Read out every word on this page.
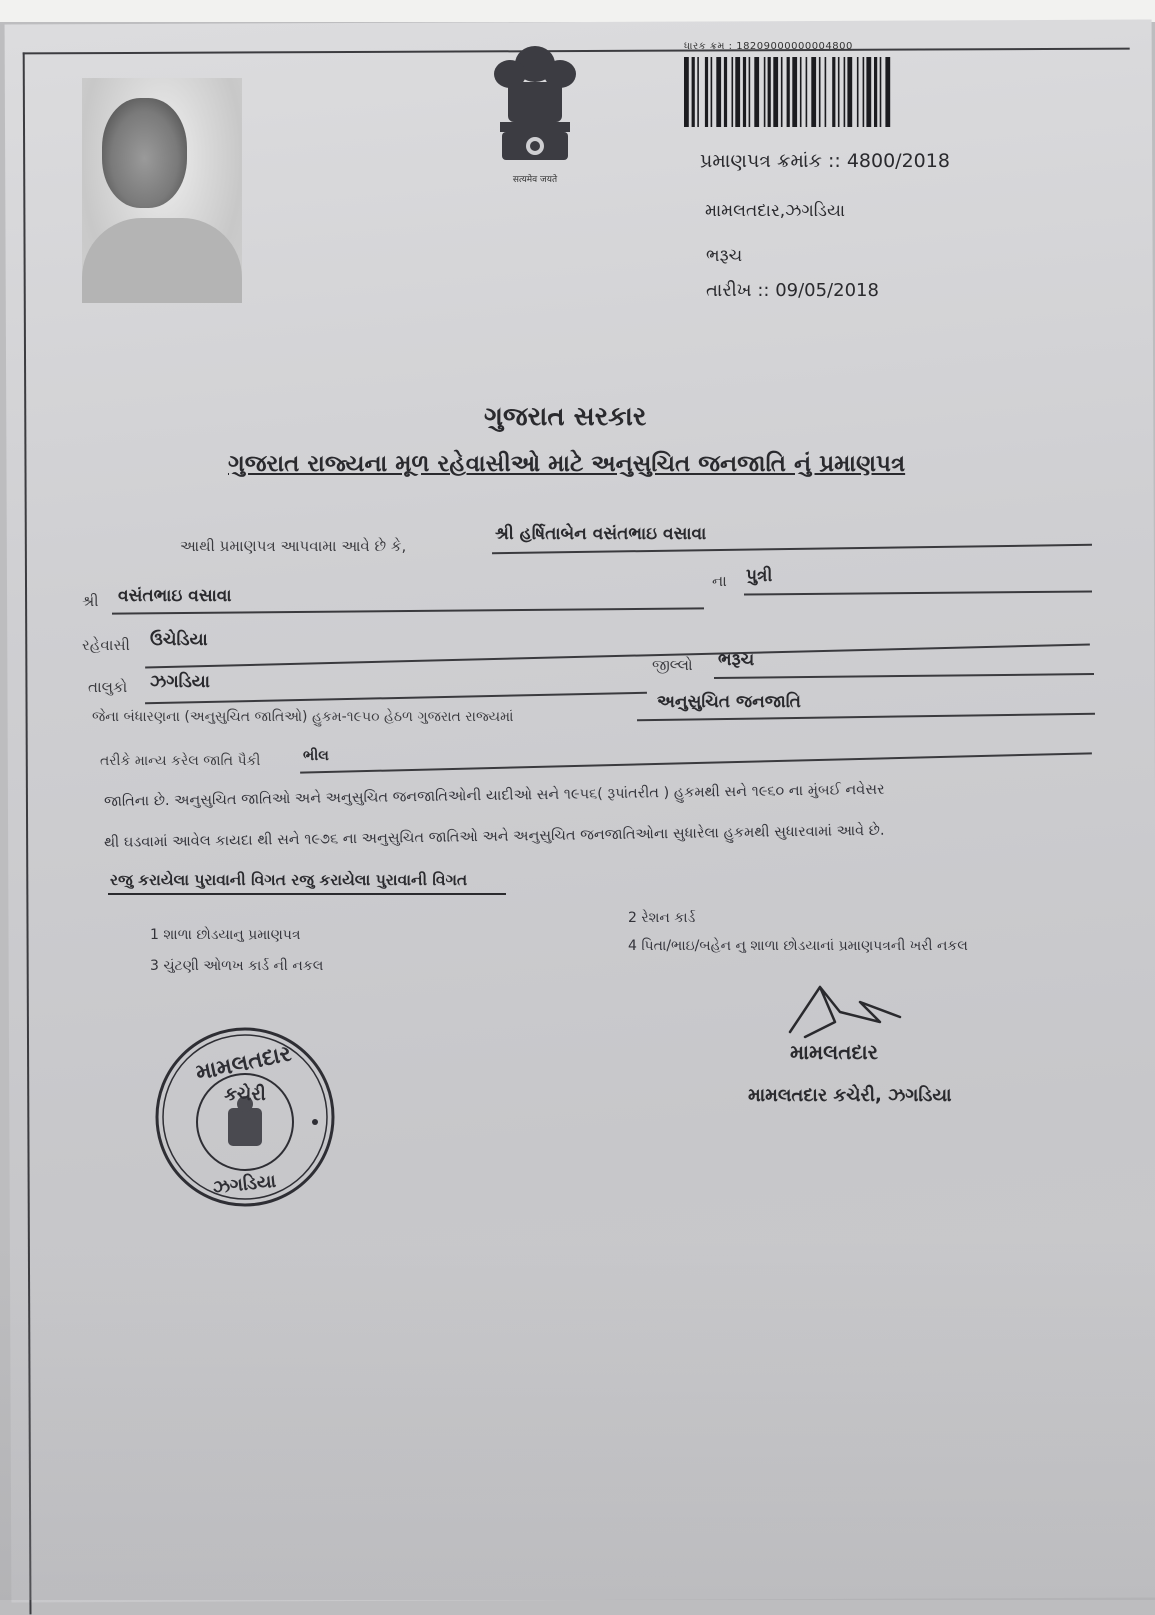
सत्यमेव जयते
ધારક ક્રમ : 18209000000004800
પ્રમાણપત્ર ક્રમાંક :: 4800/2018
મામલતદાર,ઝગડિયા
ભરૂચ
તારીખ :: 09/05/2018
ગુજરાત સરકાર
ગુજરાત રાજ્યના મૂળ રહેવાસીઓ માટે અનુસુચિત જનજાતિ નું પ્રમાણપત્ર
આથી પ્રમાણપત્ર આપવામા આવે છે કે,
શ્રી હર્ષિતાબેન વસંતભાઇ વસાવા
શ્રી વસંતભાઇ વસાવા
ના પુત્રી
રહેવાસી ઉચેડિયા
તાલુકો ઝગડિયા
જીલ્લો ભરૂચ
જેના બંધારણના (અનુસુચિત જાતિઓ) હુકમ-૧૯૫૦ હેઠળ ગુજરાત રાજ્યમાં
અનુસુચિત જનજાતિ
તરીકે માન્ય કરેલ જાતિ પૈકી	ભીલ
જાતિના છે. અનુસુચિત જાતિઓ અને અનુસુચિત જનજાતિઓની યાદીઓ સને ૧૯૫૬( રૂપાંતરીત ) હુકમથી સને ૧૯૬૦ ના મુંબઈ નવેસર
થી ઘડવામાં આવેલ કાયદા થી સને ૧૯૭૬ ના અનુસુચિત જાતિઓ અને અનુસુચિત જનજાતિઓના સુધારેલા હુકમથી સુધારવામાં આવે છે.
રજુ કરાયેલા પુરાવાની વિગત રજુ કરાયેલા પુરાવાની વિગત
1 શાળા છોડયાનુ પ્રમાણપત્ર
2 રેશન કાર્ડ
3 ચુંટણી ઓળખ કાર્ડ ની નકલ
4 પિતા/ભાઇ/બહેન નુ શાળા છોડયાનાં પ્રમાણપત્રની ખરી નકલ
મામલતદાર
કચેરી
ઝગડિયા
મામલતદાર
મામલતદાર કચેરી, ઝગડિયા
